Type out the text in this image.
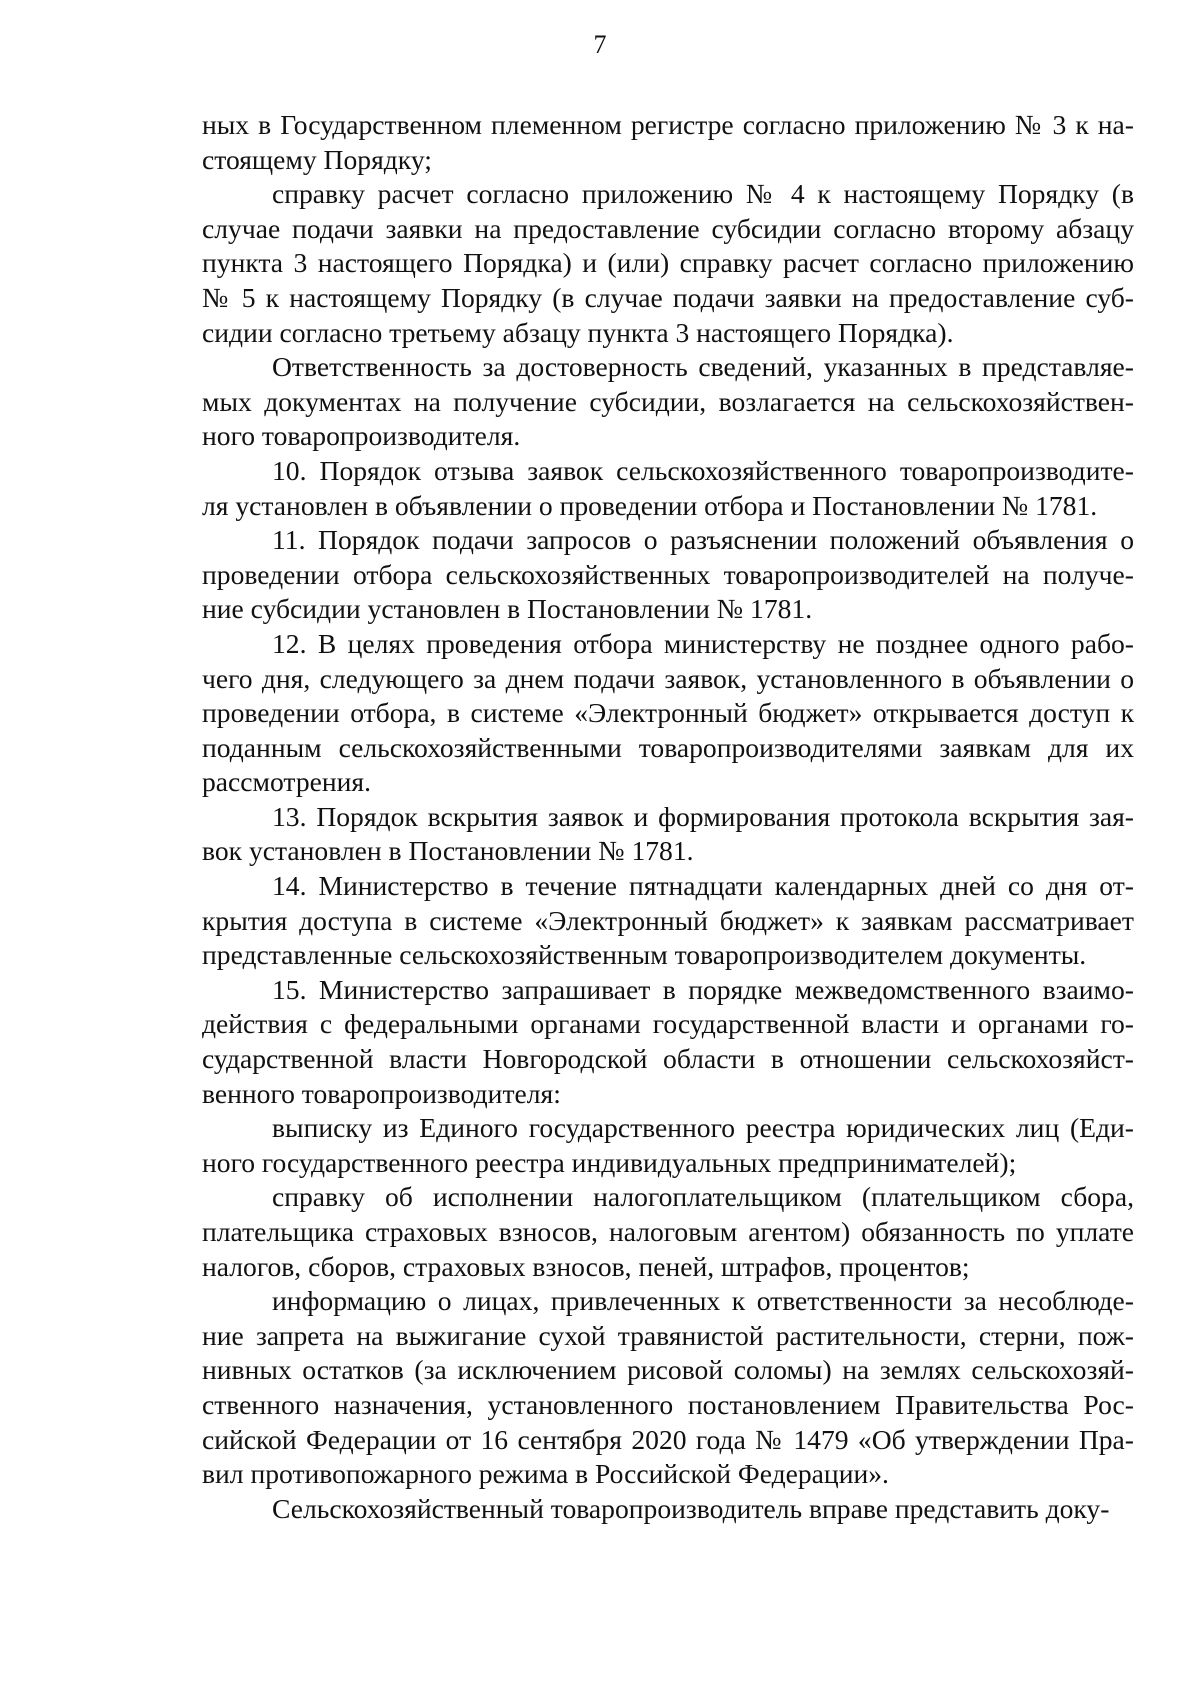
7

ных в Государственном племенном регистре согласно приложению № 3 к на-
стоящему Порядку;

справку расчет согласно приложению № 4 к настоящему Порядку (в
случае подачи заявки на предоставление субсидии согласно второму абзацу
пункта 3 настоящего Порядка) и (или) справку расчет согласно приложению
№ 5 к настоящему Порядку (в случае подачи заявки на предоставление суб-
сидии согласно третьему абзацу пункта 3 настоящего Порядка).

Ответственность за достоверность сведений, указанных в представляе-
мых документах на получение субсидии, возлагается на сельскохозяйствен-
ного товаропроизводителя.

10. Порядок отзыва заявок сельскохозяйственного товаропроизводите-
ля установлен в объявлении о проведении отбора и Постановлении № 1781.

11. Порядок подачи запросов о разъяснении положений объявления о
проведении отбора сельскохозяйственных товаропроизводителей на получе-
ние субсидии установлен в Постановлении № 1781.

12. В целях проведения отбора министерству не позднее одного рабо-
чего дня, следующего за днем подачи заявок, установленного в объявлении о
проведении отбора, в системе «Электронный бюджет» открывается доступ к
поданным сельскохозяйственными товаропроизводителями заявкам для их
рассмотрения.

13. Порядок вскрытия заявок и формирования протокола вскрытия зая-
вок установлен в Постановлении № 1781.

14. Министерство в течение пятнадцати календарных дней со дня от-
крытия доступа в системе «Электронный бюджет» к заявкам рассматривает
представленные сельскохозяйственным товаропроизводителем документы.

15. Министерство запрашивает в порядке межведомственного взаимо-
действия с федеральными органами государственной власти и органами го-
сударственной власти Новгородской области в отношении сельскохозяйст-
венного товаропроизводителя:

выписку из Единого государственного реестра юридических лиц (Еди-
ного государственного реестра индивидуальных предпринимателей);

справку об исполнении налогоплательщиком (плательщиком сбора,
плательщика страховых взносов, налоговым агентом) обязанность по уплате
налогов, сборов, страховых взносов, пеней, штрафов, процентов;

информацию о лицах, привлеченных к ответственности за несоблюде-
ние запрета на выжигание сухой травянистой растительности, стерни, пож-
нивных остатков (за исключением рисовой соломы) на землях сельскохозяй-
ственного назначения, установленного постановлением Правительства Рос-
сийской Федерации от 16 сентября 2020 года № 1479 «Об утверждении Пра-
вил противопожарного режима в Российской Федерации».

Сельскохозяйственный товаропроизводитель вправе представить доку-
